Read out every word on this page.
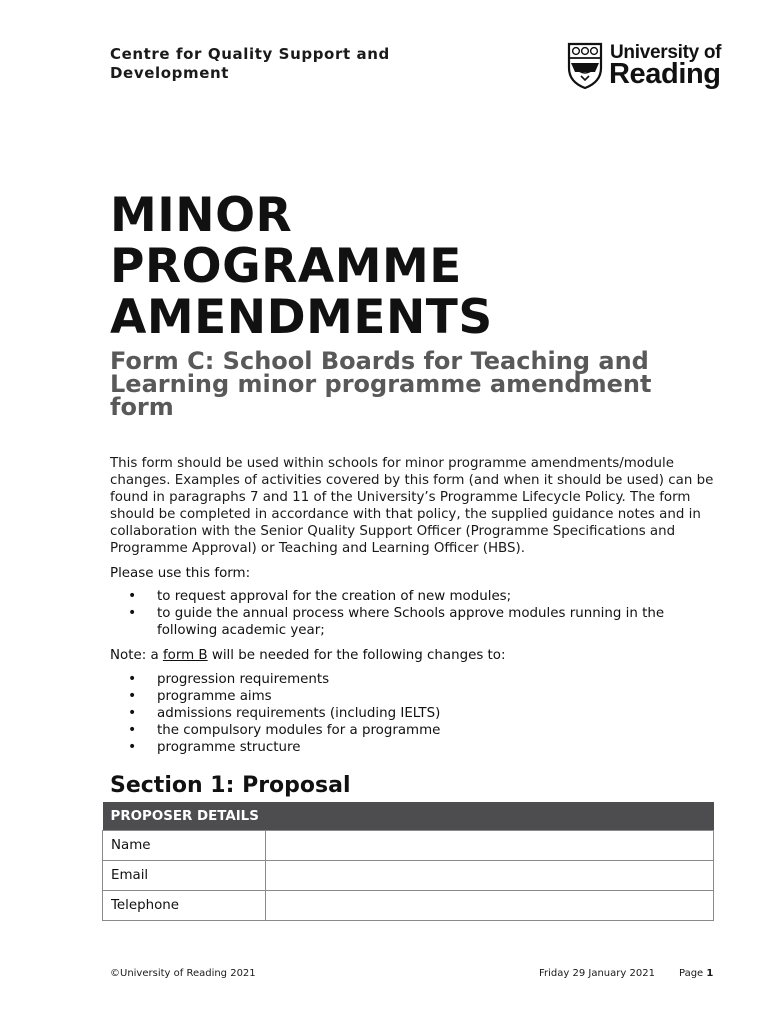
Centre for Quality Support and Development
University of
Reading
MINOR
PROGRAMME
AMENDMENTS
Form C: School Boards for Teaching and Learning minor programme amendment form

This form should be used within schools for minor programme amendments/module changes. Examples of activities covered by this form (and when it should be used) can be found in paragraphs 7 and 11 of the University’s Programme Lifecycle Policy. The form should be completed in accordance with that policy, the supplied guidance notes and in collaboration with the Senior Quality Support Officer (Programme Specifications and Programme Approval) or Teaching and Learning Officer (HBS).

Please use this form:

• to request approval for the creation of new modules;
• to guide the annual process where Schools approve modules running in the following academic year;

Note: a form B will be needed for the following changes to:

• progression requirements
• programme aims
• admissions requirements (including IELTS)
• the compulsory modules for a programme
• programme structure
Section 1: Proposal
PROPOSER DETAILS	
Name	
Email	
Telephone	
©University of Reading 2021	Friday 29 January 2021 Page 1
